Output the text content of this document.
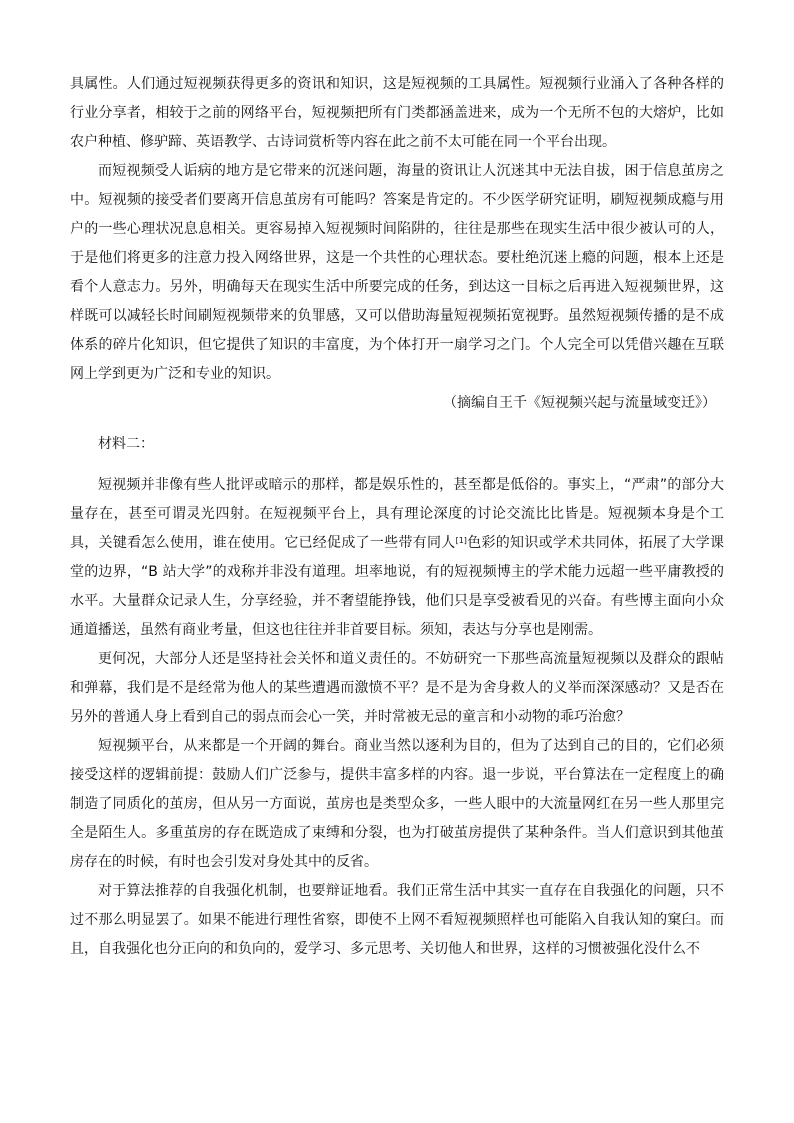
具属性。人们通过短视频获得更多的资讯和知识，这是短视频的工具属性。短视频行业涌入了各种各样的行业分享者，相较于之前的网络平台，短视频把所有门类都涵盖进来，成为一个无所不包的大熔炉，比如农户种植、修驴蹄、英语教学、古诗词赏析等内容在此之前不太可能在同一个平台出现。

而短视频受人诟病的地方是它带来的沉迷问题，海量的资讯让人沉迷其中无法自拔，困于信息茧房之中。短视频的接受者们要离开信息茧房有可能吗？答案是肯定的。不少医学研究证明，刷短视频成瘾与用户的一些心理状况息息相关。更容易掉入短视频时间陷阱的，往往是那些在现实生活中很少被认可的人，于是他们将更多的注意力投入网络世界，这是一个共性的心理状态。要杜绝沉迷上瘾的问题，根本上还是看个人意志力。另外，明确每天在现实生活中所要完成的任务，到达这一目标之后再进入短视频世界，这样既可以减轻长时间刷短视频带来的负罪感，又可以借助海量短视频拓宽视野。虽然短视频传播的是不成体系的碎片化知识，但它提供了知识的丰富度，为个体打开一扇学习之门。个人完全可以凭借兴趣在互联网上学到更为广泛和专业的知识。

（摘编自王千《短视频兴起与流量域变迁》）

材料二：

短视频并非像有些人批评或暗示的那样，都是娱乐性的，甚至都是低俗的。事实上，“严肃”的部分大量存在，甚至可谓灵光四射。在短视频平台上，具有理论深度的讨论交流比比皆是。短视频本身是个工具，关键看怎么使用，谁在使用。它已经促成了一些带有同人[1]色彩的知识或学术共同体，拓展了大学课堂的边界，“B 站大学”的戏称并非没有道理。坦率地说，有的短视频博主的学术能力远超一些平庸教授的水平。大量群众记录人生，分享经验，并不奢望能挣钱，他们只是享受被看见的兴奋。有些博主面向小众通道播送，虽然有商业考量，但这也往往并非首要目标。须知，表达与分享也是刚需。

更何况，大部分人还是坚持社会关怀和道义责任的。不妨研究一下那些高流量短视频以及群众的跟帖和弹幕，我们是不是经常为他人的某些遭遇而激愤不平？是不是为舍身救人的义举而深深感动？又是否在另外的普通人身上看到自己的弱点而会心一笑，并时常被无忌的童言和小动物的乖巧治愈？

短视频平台，从来都是一个开阔的舞台。商业当然以逐利为目的，但为了达到自己的目的，它们必须接受这样的逻辑前提：鼓励人们广泛参与，提供丰富多样的内容。退一步说，平台算法在一定程度上的确制造了同质化的茧房，但从另一方面说，茧房也是类型众多，一些人眼中的大流量网红在另一些人那里完全是陌生人。多重茧房的存在既造成了束缚和分裂，也为打破茧房提供了某种条件。当人们意识到其他茧房存在的时候，有时也会引发对身处其中的反省。

对于算法推荐的自我强化机制，也要辩证地看。我们正常生活中其实一直存在自我强化的问题，只不过不那么明显罢了。如果不能进行理性省察，即使不上网不看短视频照样也可能陷入自我认知的窠臼。而且，自我强化也分正向的和负向的，爱学习、多元思考、关切他人和世界，这样的习惯被强化没什么不
